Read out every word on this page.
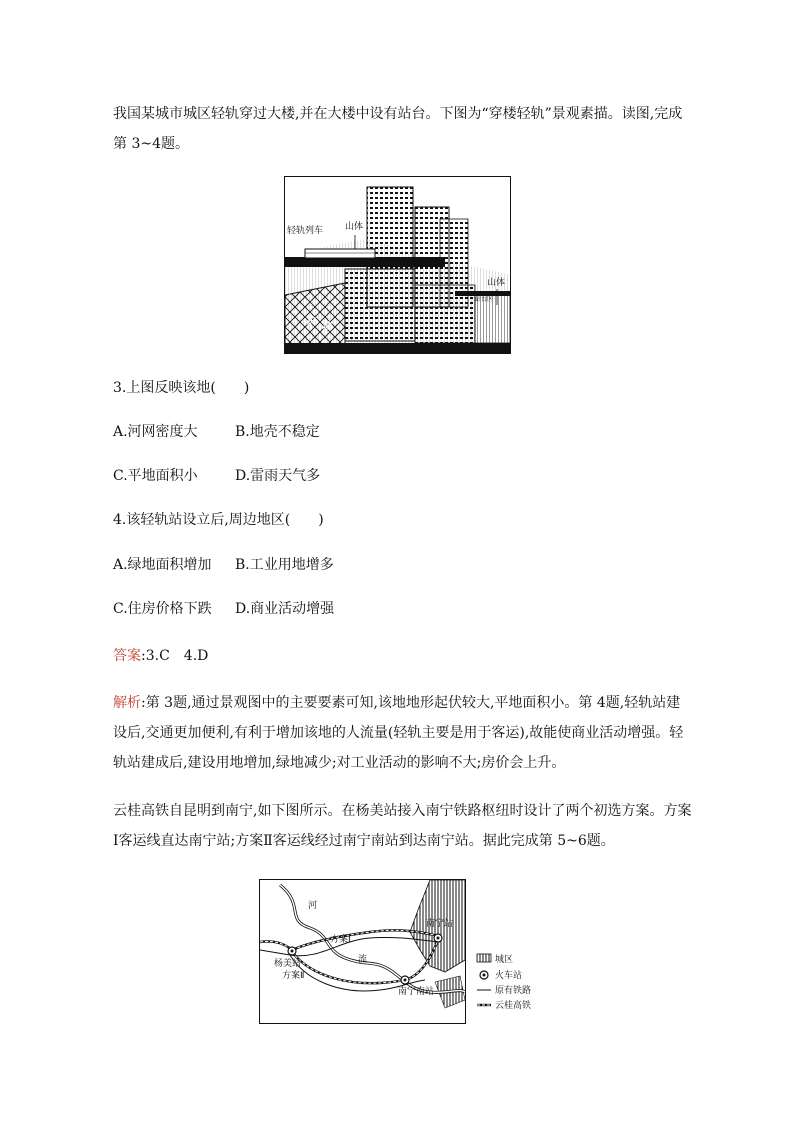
我国某城市城区轻轨穿过大楼,并在大楼中设有站台。下图为“穿楼轻轨”景观素描。读图,完成第 3~4题。

轻轨列车 山体
山体
站台区
护 坡

3.上图反映该地(　　)

A.河网密度大	B.地壳不稳定

C.平地面积小	D.雷雨天气多

4.该轻轨站设立后,周边地区(　　)

A.绿地面积增加 B.工业用地增多

C.住房价格下跌 D.商业活动增强

答案:3.C　4.D

解析:第 3题,通过景观图中的主要要素可知,该地地形起伏较大,平地面积小。第 4题,轻轨站建设后,交通更加便利,有利于增加该地的人流量(轻轨主要是用于客运),故能使商业活动增强。轻轨站建成后,建设用地增加,绿地减少;对工业活动的影响不大;房价会上升。

云桂高铁自昆明到南宁,如下图所示。在杨美站接入南宁铁路枢纽时设计了两个初选方案。方案Ⅰ客运线直达南宁站;方案Ⅱ客运线经过南宁南站到达南宁站。据此完成第 5~6题。

河
流
方案Ⅰ
方案Ⅱ
杨美站
南宁站
南宁南站
城区
火车站
原有铁路
云桂高铁
